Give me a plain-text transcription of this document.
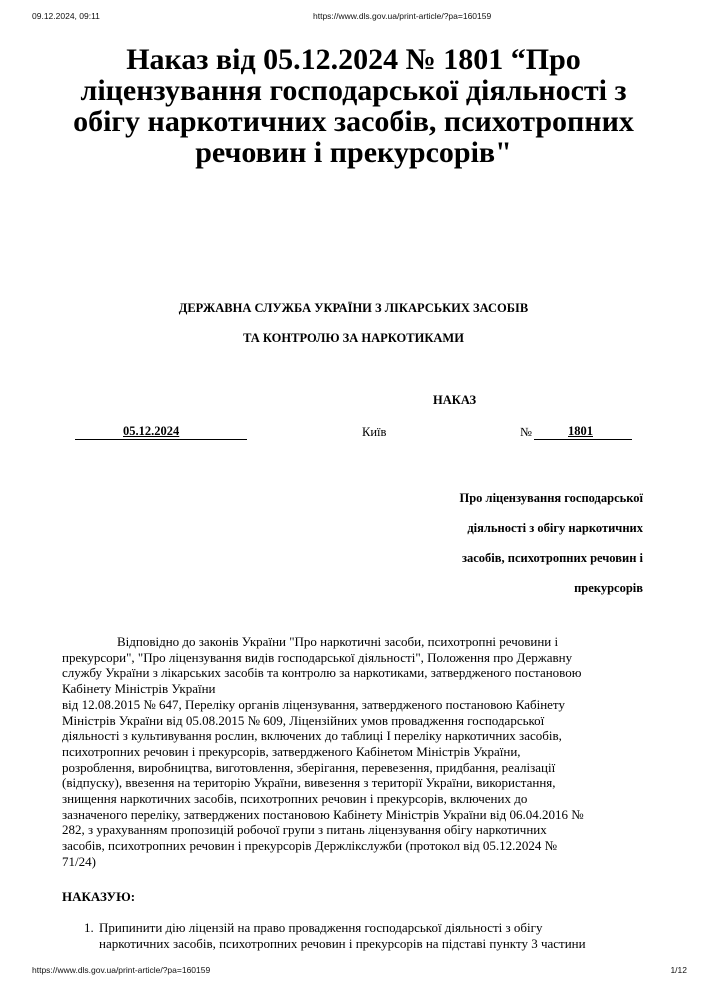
09.12.2024, 09:11	https://www.dls.gov.ua/print-article/?pa=160159
Наказ від 05.12.2024 № 1801 “Про
ліцензування господарської діяльності з
обігу наркотичних засобів, психотропних
речовин і прекурсорів"

ДЕРЖАВНА СЛУЖБА УКРАЇНИ З ЛІКАРСЬКИХ ЗАСОБІВ

ТА КОНТРОЛЮ ЗА НАРКОТИКАМИ

НАКАЗ
05.12.2024	Київ	№	1801
Про ліцензування господарської
діяльності з обігу наркотичних
засобів, психотропних речовин і
прекурсорів
Відповідно до законів України "Про наркотичні засоби, психотропні речовини і
прекурсори", "Про ліцензування видів господарської діяльності", Положення про Державну
службу України з лікарських засобів та контролю за наркотиками, затвердженого постановою
Кабінету Міністрів України
від 12.08.2015 № 647, Переліку органів ліцензування, затвердженого постановою Кабінету
Міністрів України від 05.08.2015 № 609, Ліцензійних умов провадження господарської
діяльності з культивування рослин, включених до таблиці І переліку наркотичних засобів,
психотропних речовин і прекурсорів, затвердженого Кабінетом Міністрів України,
розроблення, виробництва, виготовлення, зберігання, перевезення, придбання, реалізації
(відпуску), ввезення на територію України, вивезення з території України, використання,
знищення наркотичних засобів, психотропних речовин і прекурсорів, включених до
зазначеного переліку, затверджених постановою Кабінету Міністрів України від 06.04.2016 №
282, з урахуванням пропозицій робочої групи з питань ліцензування обігу наркотичних
засобів, психотропних речовин і прекурсорів Держлікслужби (протокол від 05.12.2024 №
71/24)
НАКАЗУЮ:
1. Припинити дію ліцензій на право провадження господарської діяльності з обігу
наркотичних засобів, психотропних речовин і прекурсорів на підставі пункту 3 частини
https://www.dls.gov.ua/print-article/?pa=160159	1/12
